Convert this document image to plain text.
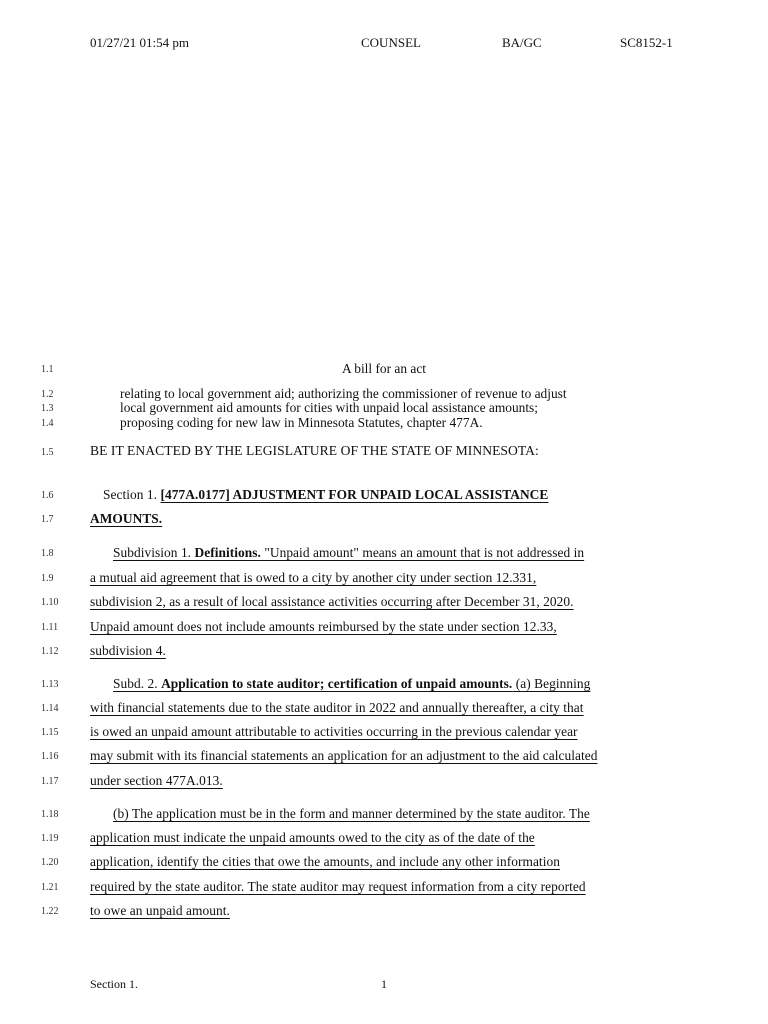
01/27/21 01:54 pm	COUNSEL	BA/GC	SC8152-1
1.1
1.2
1.3
1.4
1.5
1.6
1.7
1.8
1.9
1.10
1.11
1.12
1.13
1.14
1.15
1.16
1.17
1.18
1.19
1.20
1.21
1.22
A bill for an act
relating to local government aid; authorizing the commissioner of revenue to adjust
local government aid amounts for cities with unpaid local assistance amounts;
proposing coding for new law in Minnesota Statutes, chapter 477A.
BE IT ENACTED BY THE LEGISLATURE OF THE STATE OF MINNESOTA:
Section 1. [477A.0177] ADJUSTMENT FOR UNPAID LOCAL ASSISTANCE
AMOUNTS.
Subdivision 1. Definitions. "Unpaid amount" means an amount that is not addressed in
a mutual aid agreement that is owed to a city by another city under section 12.331,
subdivision 2, as a result of local assistance activities occurring after December 31, 2020.
Unpaid amount does not include amounts reimbursed by the state under section 12.33,
subdivision 4.
Subd. 2. Application to state auditor; certification of unpaid amounts. (a) Beginning
with financial statements due to the state auditor in 2022 and annually thereafter, a city that
is owed an unpaid amount attributable to activities occurring in the previous calendar year
may submit with its financial statements an application for an adjustment to the aid calculated
under section 477A.013.
(b) The application must be in the form and manner determined by the state auditor. The
application must indicate the unpaid amounts owed to the city as of the date of the
application, identify the cities that owe the amounts, and include any other information
required by the state auditor. The state auditor may request information from a city reported
to owe an unpaid amount.
Section 1.	1
